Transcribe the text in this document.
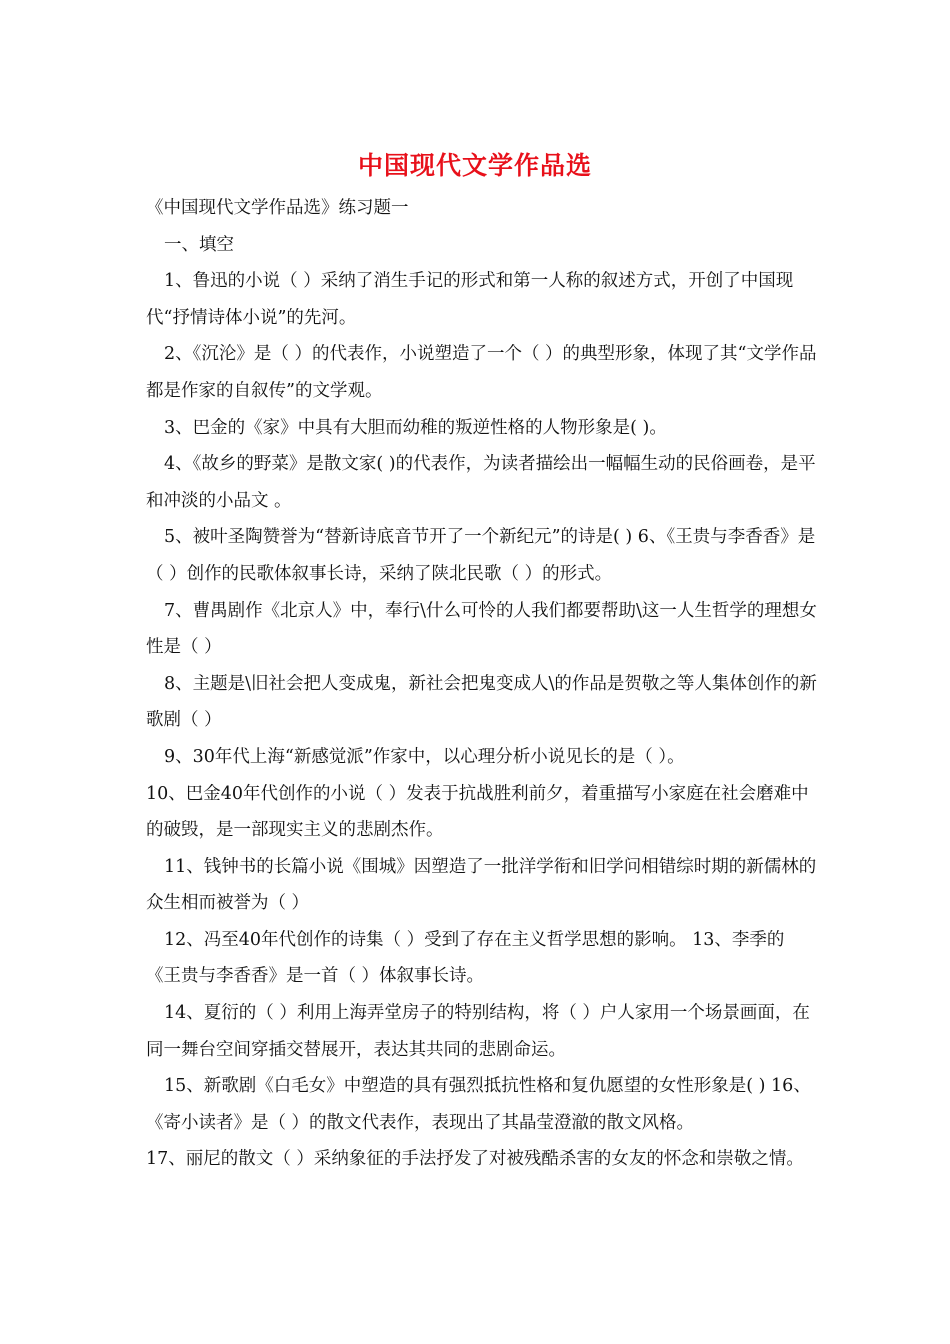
中国现代文学作品选

《中国现代文学作品选》练习题一

一、填空

1、鲁迅的小说（ ）采纳了消生手记的形式和第一人称的叙述方式，开创了中国现代“抒情诗体小说”的先河。

2、《沉沦》是（ ）的代表作，小说塑造了一个（ ）的典型形象，体现了其“文学作品都是作家的自叙传”的文学观。

3、巴金的《家》中具有大胆而幼稚的叛逆性格的人物形象是( )。

4、《故乡的野菜》是散文家( )的代表作，为读者描绘出一幅幅生动的民俗画卷，是平和冲淡的小品文 。

5、被叶圣陶赞誉为“替新诗底音节开了一个新纪元”的诗是( ) 6、《王贵与李香香》是（ ）创作的民歌体叙事长诗，采纳了陕北民歌（ ）的形式。

7、曹禺剧作《北京人》中，奉行\什么可怜的人我们都要帮助\这一人生哲学的理想女性是（ ）

8、主题是\旧社会把人变成鬼，新社会把鬼变成人\的作品是贺敬之等人集体创作的新歌剧（ ）

9、30年代上海“新感觉派”作家中，以心理分析小说见长的是（ ）。

10、巴金40年代创作的小说（ ）发表于抗战胜利前夕，着重描写小家庭在社会磨难中的破毁，是一部现实主义的悲剧杰作。

11、钱钟书的长篇小说《围城》因塑造了一批洋学衔和旧学问相错综时期的新儒林的众生相而被誉为（ ）

12、冯至40年代创作的诗集（ ）受到了存在主义哲学思想的影响。 13、李季的《王贵与李香香》是一首（ ）体叙事长诗。

14、夏衍的（ ）利用上海弄堂房子的特别结构，将（ ）户人家用一个场景画面，在同一舞台空间穿插交替展开，表达其共同的悲剧命运。

15、新歌剧《白毛女》中塑造的具有强烈抵抗性格和复仇愿望的女性形象是( ) 16、《寄小读者》是（ ）的散文代表作，表现出了其晶莹澄澈的散文风格。

17、丽尼的散文（ ）采纳象征的手法抒发了对被残酷杀害的女友的怀念和崇敬之情。
